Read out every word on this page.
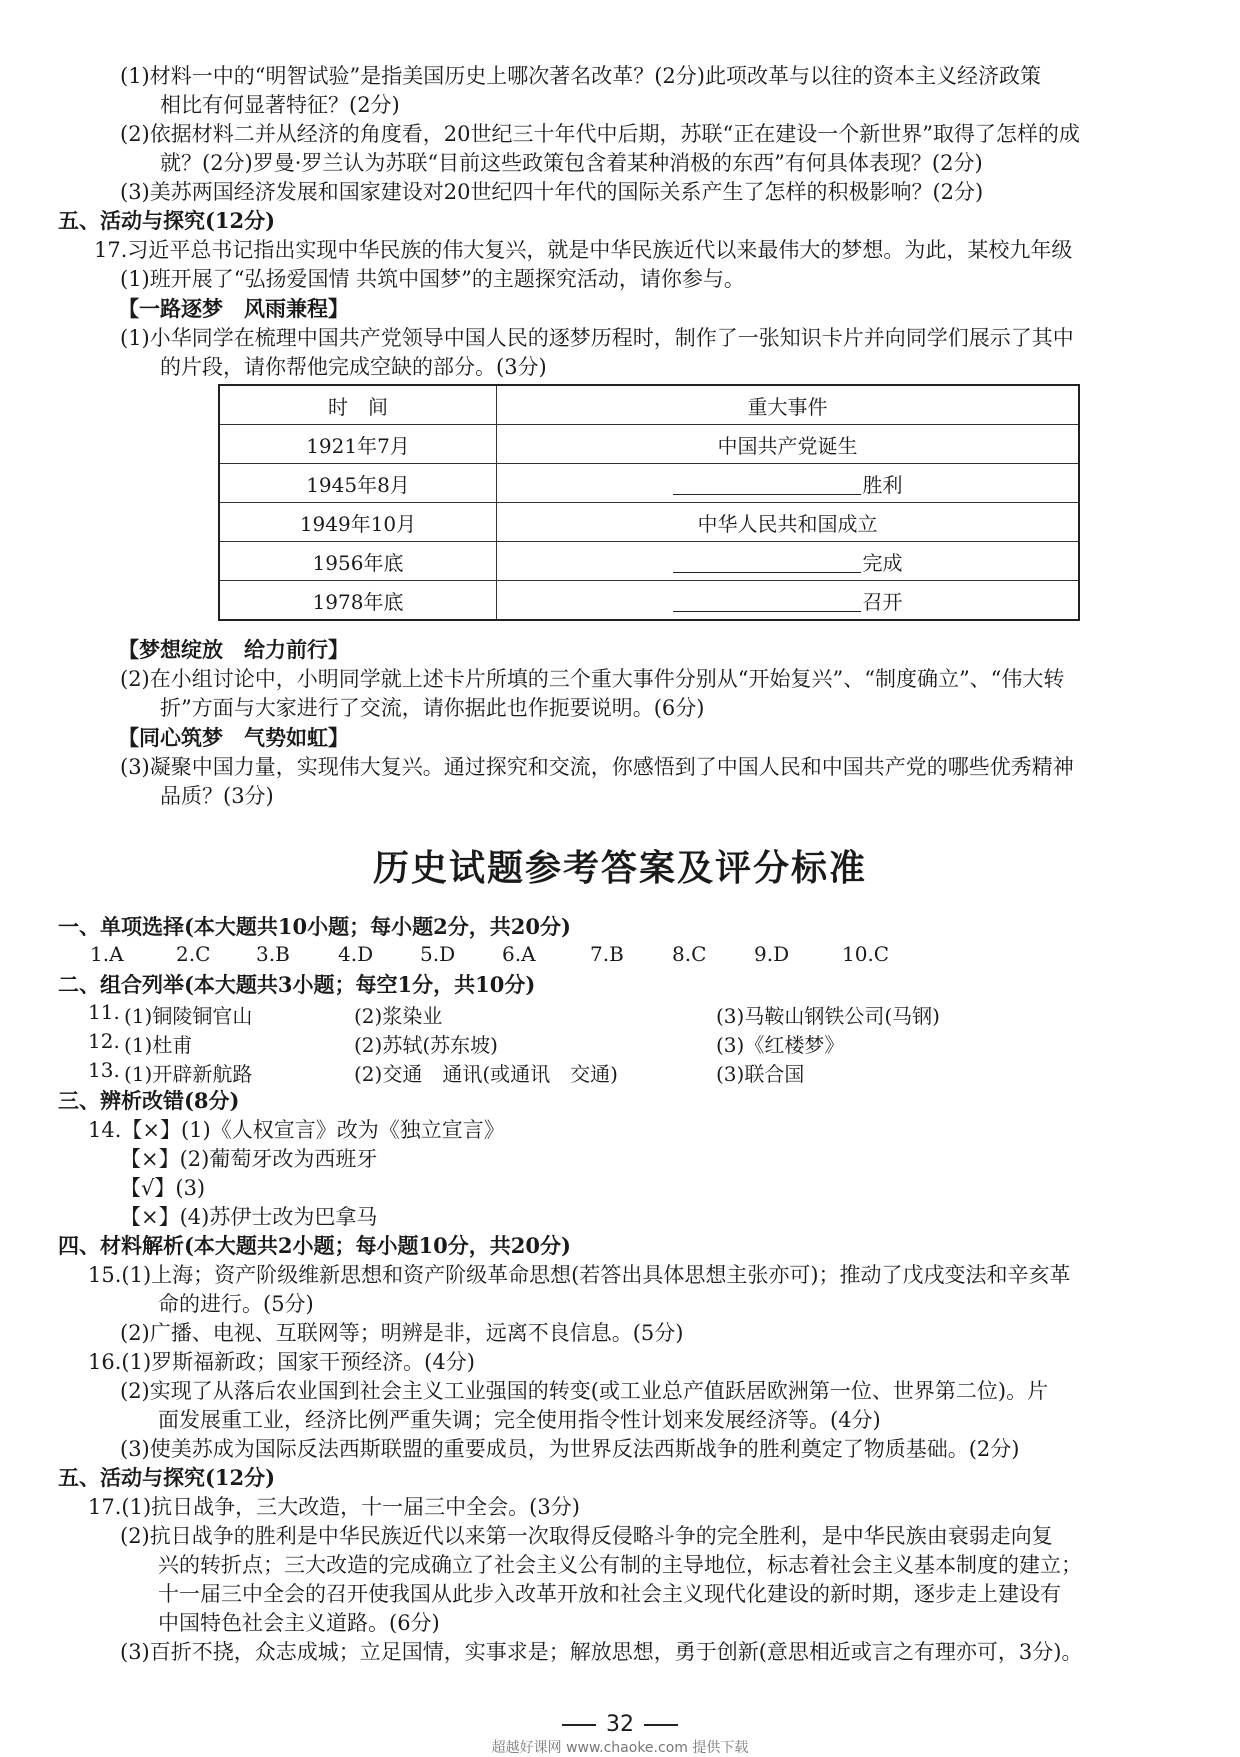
(1)材料一中的“明智试验”是指美国历史上哪次著名改革？(2分)此项改革与以往的资本主义经济政策
相比有何显著特征？(2分)
(2)依据材料二并从经济的角度看，20世纪三十年代中后期，苏联“正在建设一个新世界”取得了怎样的成
就？(2分)罗曼·罗兰认为苏联“目前这些政策包含着某种消极的东西”有何具体表现？(2分)
(3)美苏两国经济发展和国家建设对20世纪四十年代的国际关系产生了怎样的积极影响？(2分)
五、活动与探究(12分)
17.习近平总书记指出实现中华民族的伟大复兴，就是中华民族近代以来最伟大的梦想。为此，某校九年级
(1)班开展了“弘扬爱国情 共筑中国梦”的主题探究活动，请你参与。
【一路逐梦　风雨兼程】
(1)小华同学在梳理中国共产党领导中国人民的逐梦历程时，制作了一张知识卡片并向同学们展示了其中
的片段，请你帮他完成空缺的部分。(3分)
时　间	重大事件
1921年7月	中国共产党诞生
1945年8月	胜利
1949年10月	中华人民共和国成立
1956年底	完成
1978年底	召开
【梦想绽放　给力前行】
(2)在小组讨论中，小明同学就上述卡片所填的三个重大事件分别从“开始复兴”、“制度确立”、“伟大转
折”方面与大家进行了交流，请你据此也作扼要说明。(6分)
【同心筑梦　气势如虹】
(3)凝聚中国力量，实现伟大复兴。通过探究和交流，你感悟到了中国人民和中国共产党的哪些优秀精神
品质？(3分)
历史试题参考答案及评分标准
一、单项选择(本大题共10小题；每小题2分，共20分)
1.A	2.C 3.B 4.D 5.D 6.A	7.B 8.C 9.D	10.C
二、组合列举(本大题共3小题；每空1分，共10分)
11. (1)铜陵铜官山	(2)浆染业	(3)马鞍山钢铁公司(马钢)
12. (1)杜甫	(2)苏轼(苏东坡)	(3)《红楼梦》
13. (1)开辟新航路	(2)交通　通讯(或通讯　交通)	(3)联合国
三、辨析改错(8分)
14.【×】(1)《人权宣言》改为《独立宣言》
【×】(2)葡萄牙改为西班牙
【√】(3)
【×】(4)苏伊士改为巴拿马
四、材料解析(本大题共2小题；每小题10分，共20分)
15.(1)上海；资产阶级维新思想和资产阶级革命思想(若答出具体思想主张亦可)；推动了戊戌变法和辛亥革
命的进行。(5分)
(2)广播、电视、互联网等；明辨是非，远离不良信息。(5分)
16.(1)罗斯福新政；国家干预经济。(4分)
(2)实现了从落后农业国到社会主义工业强国的转变(或工业总产值跃居欧洲第一位、世界第二位)。片
面发展重工业，经济比例严重失调；完全使用指令性计划来发展经济等。(4分)
(3)使美苏成为国际反法西斯联盟的重要成员，为世界反法西斯战争的胜利奠定了物质基础。(2分)
五、活动与探究(12分)
17.(1)抗日战争，三大改造，十一届三中全会。(3分)
(2)抗日战争的胜利是中华民族近代以来第一次取得反侵略斗争的完全胜利，是中华民族由衰弱走向复
兴的转折点；三大改造的完成确立了社会主义公有制的主导地位，标志着社会主义基本制度的建立；
十一届三中全会的召开使我国从此步入改革开放和社会主义现代化建设的新时期，逐步走上建设有
中国特色社会主义道路。(6分)
(3)百折不挠，众志成城；立足国情，实事求是；解放思想，勇于创新(意思相近或言之有理亦可，3分)。
32
超越好课网 www.chaoke.com 提供下载
